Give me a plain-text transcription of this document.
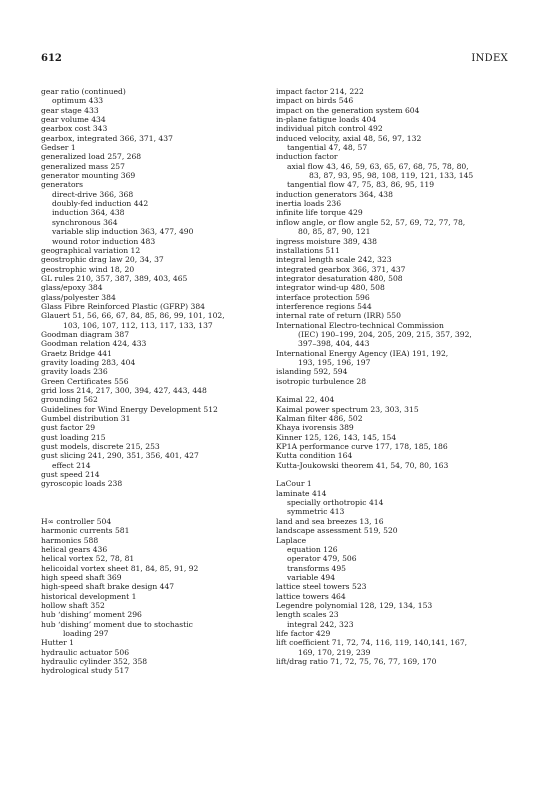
612	INDEX
gear ratio (continued)
optimum 433
gear stage 433
gear volume 434
gearbox cost 343
gearbox, integrated 366, 371, 437
Gedser 1
generalized load 257, 268
generalized mass 257
generator mounting 369
generators
direct-drive 366, 368
doubly-fed induction 442
induction 364, 438
synchronous 364
variable slip induction 363, 477, 490
wound rotor induction 483
geographical variation 12
geostrophic drag law 20, 34, 37
geostrophic wind 18, 20
GL rules 210, 357, 387, 389, 403, 465
glass/epoxy 384
glass/polyester 384
Glass Fibre Reinforced Plastic (GFRP) 384
Glauert 51, 56, 66, 67, 84, 85, 86, 99, 101, 102,
103, 106, 107, 112, 113, 117, 133, 137
Goodman diagram 387
Goodman relation 424, 433
Graetz Bridge 441
gravity loading 283, 404
gravity loads 236
Green Certificates 556
grid loss 214, 217, 300, 394, 427, 443, 448
grounding 562
Guidelines for Wind Energy Development 512
Gumbel distribution 31
gust factor 29
gust loading 215
gust models, discrete 215, 253
gust slicing 241, 290, 351, 356, 401, 427
effect 214
gust speed 214
gyroscopic loads 238
H∞ controller 504
harmonic currents 581
harmonics 588
helical gears 436
helical vortex 52, 78, 81
helicoidal vortex sheet 81, 84, 85, 91, 92
high speed shaft 369
high-speed shaft brake design 447
historical development 1
hollow shaft 352
hub ‘dishing’ moment 296
hub ‘dishing’ moment due to stochastic
loading 297
Hutter 1
hydraulic actuator 506
hydraulic cylinder 352, 358
hydrological study 517
impact factor 214, 222
impact on birds 546
impact on the generation system 604
in-plane fatigue loads 404
individual pitch control 492
induced velocity, axial 48, 56, 97, 132
tangential 47, 48, 57
induction factor
axial flow 43, 46, 59, 63, 65, 67, 68, 75, 78, 80,
83, 87, 93, 95, 98, 108, 119, 121, 133, 145
tangential flow 47, 75, 83, 86, 95, 119
induction generators 364, 438
inertia loads 236
infinite life torque 429
inflow angle, or flow angle 52, 57, 69, 72, 77, 78,
80, 85, 87, 90, 121
ingress moisture 389, 438
installations 511
integral length scale 242, 323
integrated gearbox 366, 371, 437
integrator desaturation 480, 508
integrator wind-up 480, 508
interface protection 596
interference regions 544
internal rate of return (IRR) 550
International Electro-technical Commission
(IEC) 190–199, 204, 205, 209, 215, 357, 392,
397–398, 404, 443
International Energy Agency (IEA) 191, 192,
193, 195, 196, 197
islanding 592, 594
isotropic turbulence 28
Kaimal 22, 404
Kaimal power spectrum 23, 303, 315
Kalman filter 486, 502
Khaya ivorensis 389
Kinner 125, 126, 143, 145, 154
KP1A performance curve 177, 178, 185, 186
Kutta condition 164
Kutta-Joukowski theorem 41, 54, 70, 80, 163
LaCour 1
laminate 414
specially orthotropic 414
symmetric 413
land and sea breezes 13, 16
landscape assessment 519, 520
Laplace
equation 126
operator 479, 506
transforms 495
variable 494
lattice steel towers 523
lattice towers 464
Legendre polynomial 128, 129, 134, 153
length scales 23
integral 242, 323
life factor 429
lift coefficient 71, 72, 74, 116, 119, 140,141, 167,
169, 170, 219, 239
lift/drag ratio 71, 72, 75, 76, 77, 169, 170
